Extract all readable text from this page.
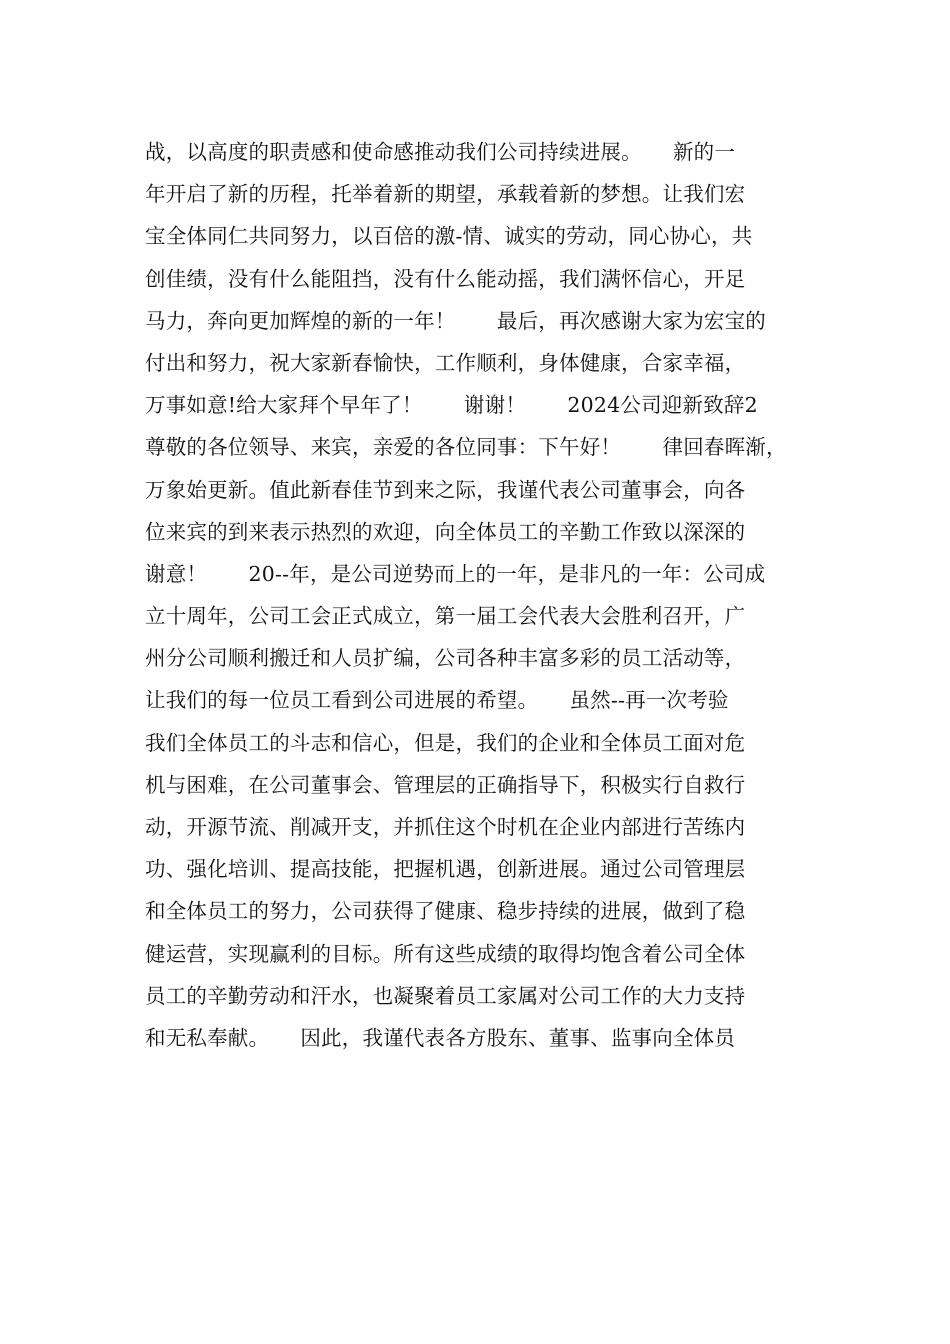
战，以高度的职责感和使命感推动我们公司持续进展。　　新的一
年开启了新的历程，托举着新的期望，承载着新的梦想。让我们宏
宝全体同仁共同努力，以百倍的激-情、诚实的劳动，同心协心，共
创佳绩，没有什么能阻挡，没有什么能动摇，我们满怀信心，开足
马力，奔向更加辉煌的新的一年！　　最后，再次感谢大家为宏宝的
付出和努力，祝大家新春愉快，工作顺利，身体健康，合家幸福，
万事如意!给大家拜个早年了！　　谢谢！　　2024公司迎新致辞2
尊敬的各位领导、来宾，亲爱的各位同事：下午好！　　律回春晖渐，
万象始更新。值此新春佳节到来之际，我谨代表公司董事会，向各
位来宾的到来表示热烈的欢迎，向全体员工的辛勤工作致以深深的
谢意！　　20--年，是公司逆势而上的一年，是非凡的一年：公司成
立十周年，公司工会正式成立，第一届工会代表大会胜利召开，广
州分公司顺利搬迁和人员扩编，公司各种丰富多彩的员工活动等，
让我们的每一位员工看到公司进展的希望。　　虽然--再一次考验
我们全体员工的斗志和信心，但是，我们的企业和全体员工面对危
机与困难，在公司董事会、管理层的正确指导下，积极实行自救行
动，开源节流、削减开支，并抓住这个时机在企业内部进行苦练内
功、强化培训、提高技能，把握机遇，创新进展。通过公司管理层
和全体员工的努力，公司获得了健康、稳步持续的进展，做到了稳
健运营，实现赢利的目标。所有这些成绩的取得均饱含着公司全体
员工的辛勤劳动和汗水，也凝聚着员工家属对公司工作的大力支持
和无私奉献。　　因此，我谨代表各方股东、董事、监事向全体员
